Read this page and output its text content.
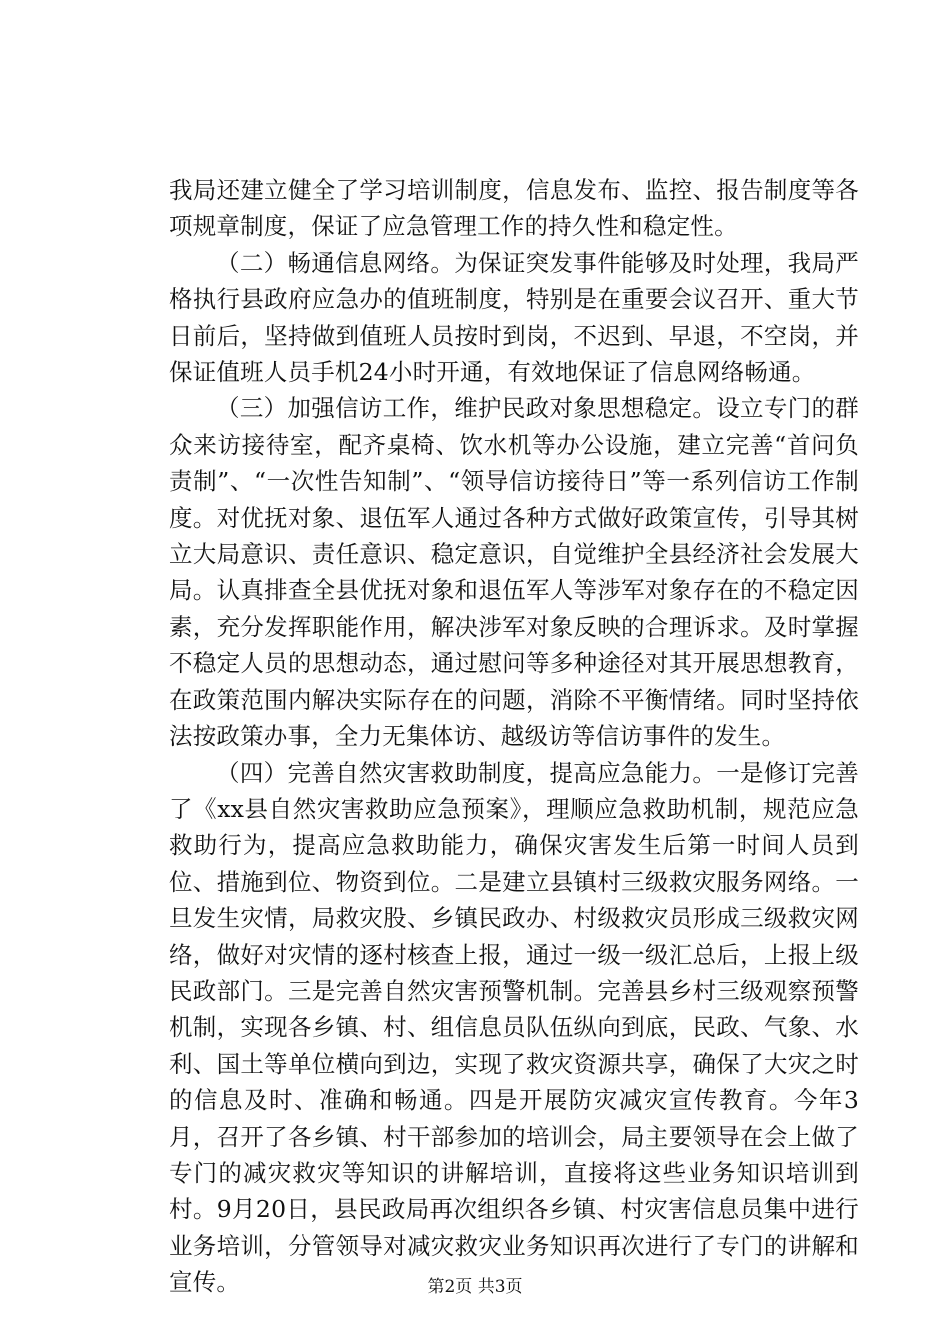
我局还建立健全了学习培训制度，信息发布、监控、报告制度等各项规章制度，保证了应急管理工作的持久性和稳定性。

（二）畅通信息网络。为保证突发事件能够及时处理，我局严格执行县政府应急办的值班制度，特别是在重要会议召开、重大节日前后，坚持做到值班人员按时到岗，不迟到、早退，不空岗，并保证值班人员手机24小时开通，有效地保证了信息网络畅通。

（三）加强信访工作，维护民政对象思想稳定。设立专门的群众来访接待室，配齐桌椅、饮水机等办公设施，建立完善“首问负责制”、“一次性告知制”、“领导信访接待日”等一系列信访工作制度。对优抚对象、退伍军人通过各种方式做好政策宣传，引导其树立大局意识、责任意识、稳定意识，自觉维护全县经济社会发展大局。认真排查全县优抚对象和退伍军人等涉军对象存在的不稳定因素，充分发挥职能作用，解决涉军对象反映的合理诉求。及时掌握不稳定人员的思想动态，通过慰问等多种途径对其开展思想教育，在政策范围内解决实际存在的问题，消除不平衡情绪。同时坚持依法按政策办事，全力无集体访、越级访等信访事件的发生。

（四）完善自然灾害救助制度，提高应急能力。一是修订完善了《xx县自然灾害救助应急预案》，理顺应急救助机制，规范应急救助行为，提高应急救助能力，确保灾害发生后第一时间人员到位、措施到位、物资到位。二是建立县镇村三级救灾服务网络。一旦发生灾情，局救灾股、乡镇民政办、村级救灾员形成三级救灾网络，做好对灾情的逐村核查上报，通过一级一级汇总后，上报上级民政部门。三是完善自然灾害预警机制。完善县乡村三级观察预警机制，实现各乡镇、村、组信息员队伍纵向到底，民政、气象、水利、国土等单位横向到边，实现了救灾资源共享，确保了大灾之时的信息及时、准确和畅通。四是开展防灾减灾宣传教育。今年3月，召开了各乡镇、村干部参加的培训会，局主要领导在会上做了专门的减灾救灾等知识的讲解培训，直接将这些业务知识培训到村。9月20日，县民政局再次组织各乡镇、村灾害信息员集中进行业务培训，分管领导对减灾救灾业务知识再次进行了专门的讲解和宣传。	第2页 共3页
